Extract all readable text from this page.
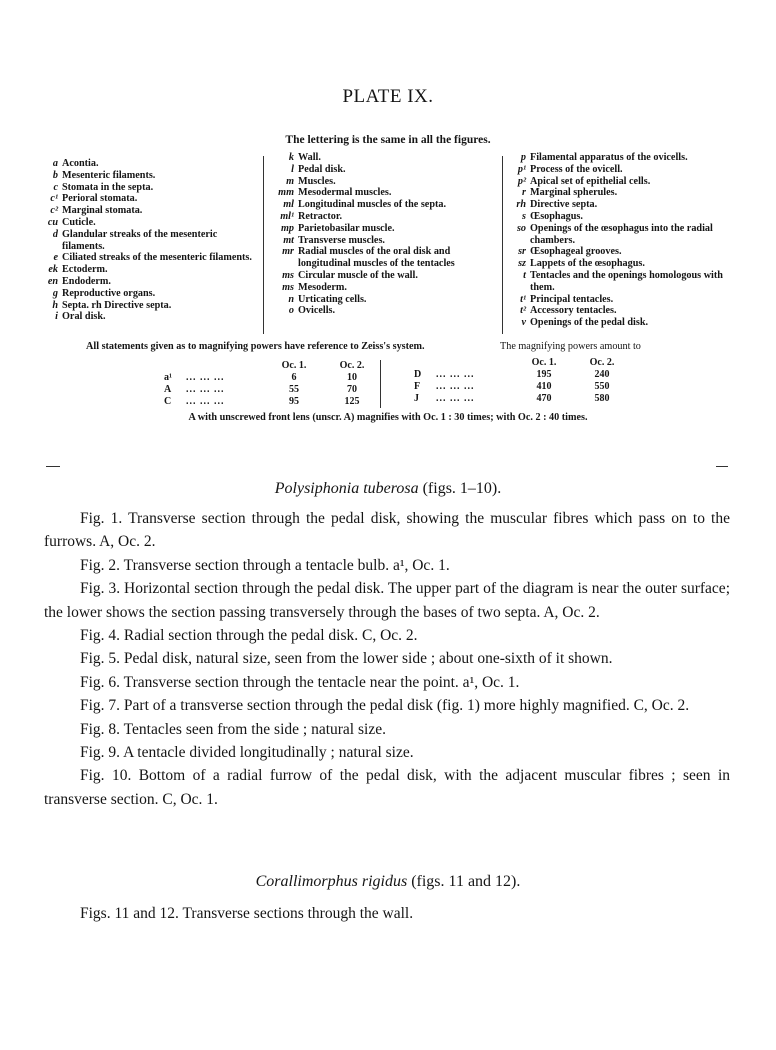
PLATE IX.
The lettering is the same in all the figures.
a Acontia.
b Mesenteric filaments.
c Stomata in the septa.
c¹ Perioral stomata.
c² Marginal stomata.
cu Cuticle.
d Glandular streaks of the mesenteric filaments.
e Ciliated streaks of the mesenteric filaments.
ek Ectoderm.
en Endoderm.
g Reproductive organs.
h Septa. rh Directive septa.
i Oral disk.
k Wall.
l Pedal disk.
m Muscles.
mm Mesodermal muscles.
ml Longitudinal muscles of the septa.
ml¹ Retractor.
mp Parietobasilar muscle.
mt Transverse muscles.
mr Radial muscles of the oral disk and longitudinal muscles of the tentacles
ms Circular muscle of the wall.
ms Mesoderm.
n Urticating cells.
o Ovicells.
p Filamental apparatus of the ovicells.
p¹ Process of the ovicell.
p² Apical set of epithelial cells.
r Marginal spherules.
rh Directive septa.
s Œsophagus.
so Openings of the œsophagus into the radial chambers.
sr Œsophageal grooves.
sz Lappets of the œsophagus.
t Tentacles and the openings homologous with them.
t¹ Principal tentacles.
t² Accessory tentacles.
v Openings of the pedal disk.
All statements given as to magnifying powers have reference to Zeiss's system.	The magnifying powers amount to
Oc. 1.	Oc. 2.
a¹	... ... ...	6	10
A	... ... ...	55	70
C	... ... ...	95	125
Oc. 1.	Oc. 2.
D	... ... ...	195	240
F	... ... ...	410	550
J	... ... ...	470	580
A with unscrewed front lens (unscr. A) magnifies with Oc. 1 : 30 times; with Oc. 2 : 40 times.
Polysiphonia tuberosa (figs. 1–10).

Fig. 1. Transverse section through the pedal disk, showing the muscular fibres which pass on to the furrows. A, Oc. 2.

Fig. 2. Transverse section through a tentacle bulb. a¹, Oc. 1.

Fig. 3. Horizontal section through the pedal disk. The upper part of the diagram is near the outer surface; the lower shows the section passing transversely through the bases of two septa. A, Oc. 2.

Fig. 4. Radial section through the pedal disk. C, Oc. 2.

Fig. 5. Pedal disk, natural size, seen from the lower side ; about one-sixth of it shown.

Fig. 6. Transverse section through the tentacle near the point. a¹, Oc. 1.

Fig. 7. Part of a transverse section through the pedal disk (fig. 1) more highly magnified. C, Oc. 2.

Fig. 8. Tentacles seen from the side ; natural size.

Fig. 9. A tentacle divided longitudinally ; natural size.

Fig. 10. Bottom of a radial furrow of the pedal disk, with the adjacent muscular fibres ; seen in transverse section. C, Oc. 1.

Corallimorphus rigidus (figs. 11 and 12).

Figs. 11 and 12. Transverse sections through the wall.
